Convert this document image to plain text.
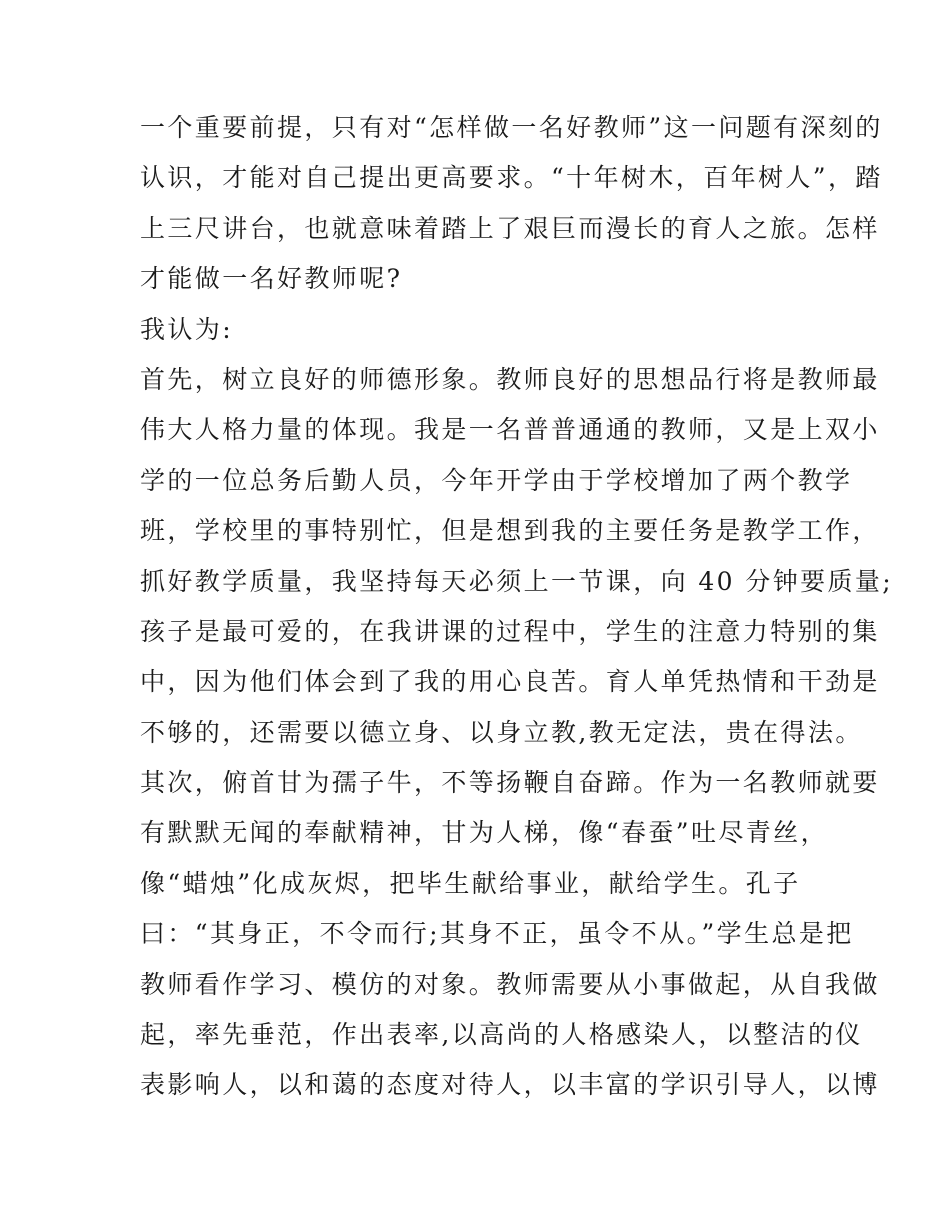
一个重要前提，只有对“怎样做一名好教师”这一问题有深刻的
认识，才能对自己提出更高要求。“十年树木，百年树人”，踏
上三尺讲台，也就意味着踏上了艰巨而漫长的育人之旅。怎样
才能做一名好教师呢?
我认为:
首先，树立良好的师德形象。教师良好的思想品行将是教师最
伟大人格力量的体现。我是一名普普通通的教师，又是上双小
学的一位总务后勤人员，今年开学由于学校增加了两个教学
班，学校里的事特别忙，但是想到我的主要任务是教学工作，
抓好教学质量，我坚持每天必须上一节课，向 40 分钟要质量;
孩子是最可爱的，在我讲课的过程中，学生的注意力特别的集
中，因为他们体会到了我的用心良苦。育人单凭热情和干劲是
不够的，还需要以德立身、以身立教,教无定法，贵在得法。
其次，俯首甘为孺子牛，不等扬鞭自奋蹄。作为一名教师就要
有默默无闻的奉献精神，甘为人梯，像“春蚕”吐尽青丝，
像“蜡烛”化成灰烬，把毕生献给事业，献给学生。孔子
曰：“其身正，不令而行;其身不正，虽令不从。”学生总是把
教师看作学习、模仿的对象。教师需要从小事做起，从自我做
起，率先垂范，作出表率,以高尚的人格感染人，以整洁的仪
表影响人，以和蔼的态度对待人，以丰富的学识引导人，以博
